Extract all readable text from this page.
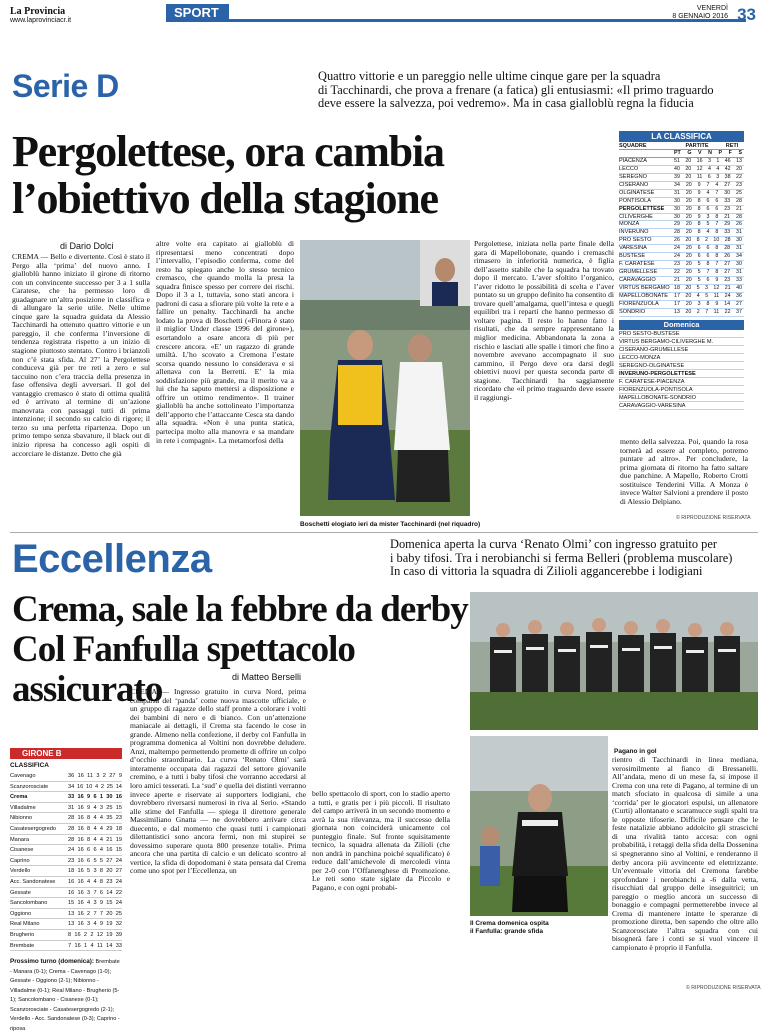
La Provincia
www.laprovinciacr.it
SPORT	VENERDÌ
8 GENNAIO 2016 33
Serie D	Quattro vittorie e un pareggio nelle ultime cinque gare per la squadra
di Tacchinardi, che prova a frenare (a fatica) gli entusiasmi: «Il primo traguardo
deve essere la salvezza, poi vedremo». Ma in casa gialloblù regna la fiducia
Pergolettese, ora cambia
l’obiettivo della stagione
di Dario Dolci
CREMA — Bello e divertente. Così è stato il Pergo alla ‘prima’ del nuovo anno. I gialloblù hanno iniziato il girone di ritorno con un convincente successo per 3 a 1 sulla Caratese, che ha permesso loro di guadagnare un’altra posizione in classifica e di allungare la serie utile. Nelle ultime cinque gare la squadra guidata da Alessio Tacchinardi ha ottenuto quattro vittorie e un pareggio, il che conferma l’inversione di tendenza registrata rispetto a un inizio di stagione piuttosto stentato. Contro i brianzoli non c’è stata sfida. Al 27’ la Pergolettese conduceva già per tre reti a zero e sul taccuino non c’era traccia della presenza in fase offensiva degli avversari. Il gol del vantaggio cremasco è stato di ottima qualità ed è arrivato al termine di un’azione manovrata con passaggi tutti di prima intenzione; il secondo su calcio di rigore; il terzo su una perfetta ripartenza. Dopo un primo tempo senza sbavature, il black out di inizio ripresa ha concesso agli ospiti di accorciare le distanze. Detto che già
altre volte era capitato ai gialloblù di ripresentarsi meno concentrati dopo l’intervallo, l’episodio conferma, come del resto ha spiegato anche lo stesso tecnico cremasco, che quando molla la presa la squadra finisce spesso per correre dei rischi. Dopo il 3 a 1, tuttavia, sono stati ancora i padroni di casa a sfiorare più volte la rete e a fallire un penalty. Tacchinardi ha anche lodato la prova di Boschetti («Finora è stato il miglior Under classe 1996 del girone»), esortandolo a osare ancora di più per crescere ancora. «E’ un ragazzo di grande umiltà. L’ho scovato a Cremona l’estate scorsa quando nessuno lo considerava e si allenava con la Berretti. E’ la mia soddisfazione più grande, ma il merito va a lui che ha saputo mettersi a disposizione e offrire un ottimo rendimento». Il trainer gialloblù ha anche sottolineato l’importanza dell’apporto che l’attaccante Cesca sta dando alla squadra. «Non è una punta statica, partecipa molto alla manovra e sa mandare in rete i compagni». La metamorfosi della
Boschetti elogiato ieri da mister Tacchinardi (nel riquadro)
Pergolettese, iniziata nella parte finale della gara di Mapellobonate, quando i cremaschi rimasero in inferiorità numerica, è figlia dell’assetto stabile che la squadra ha trovato dopo il mercato. L’aver sfoltito l’organico, l’aver ridotto le possibilità di scelta e l’aver puntato su un gruppo definito ha consentito di trovare quell’amalgama, quell’intesa e quegli equilibri tra i reparti che hanno permesso di voltare pagina. Il resto lo hanno fatto i risultati, che da sempre rappresentano la miglior medicina. Abbandonata la zona a rischio e lasciati alle spalle i timori che fino a novembre avevano accompagnato il suo cammino, il Pergo deve ora darsi degli obiettivi nuovi per questa seconda parte di stagione. Tacchinardi ha saggiamente ricordato che «il primo traguardo deve essere il raggiungi-
mento della salvezza. Poi, quando la rosa tornerà ad essere al completo, potremo puntare ad altro». Per concludere, la prima giornata di ritorno ha fatto saltare due panchine. A Mapello, Roberto Crotti sostituisce Tenderini Villa. A Monza è invece Walter Salvioni a prendere il posto di Alessio Delpiano.
© RIPRODUZIONE RISERVATA
LA CLASSIFICA
SQUADRE	PARTITE	RETI
PT G V N P F S
PIACENZA	51 20 16 3 1 46 13
LECCO	40 20 12 4 4 42 20
SEREGNO	39 20 11 6 3 38 22
CISERANO	34 20 9 7 4 27 23
OLGINATESE	31 20 9 4 7 30 25
PONTISOLA	30 20 8 6 6 33 28
PERGOLETTESE	30 20 8 6 6 23 21
CILIVERGHE	30 20 9 3 8 21 28
MONZA	29 20 8 5 7 29 26
INVERUNO	28 20 8 4 8 33 31
PRO SESTO	26 20 8 2 10 28 30
VARESINA	24 20 6 6 8 28 31
BUSTESE	24 20 6 6 8 26 34
F. CARATESE	23 20 5 8 7 27 30
GRUMELLESE	22 20 5 7 8 27 31
CARAVAGGIO	21 20 5 6 9 23 33
VIRTUS BERGAMO 18 20 5 3 12 21 40
MAPELLOBONATE	17 20 4 5 11 24 36
FIORENZUOLA	17 20 3 8 9 14 27
SONDRIO	13 20 2 7 11 22 37
Domenica
PRO SESTO-BUSTESE
VIRTUS BERGAMO-CILIVERGHE M.
CISERANO-GRUMELLESE
LECCO-MONZA
SEREGNO-OLGINATESE
INVERUNO-PERGOLETTESE
F. CARATESE-PIACENZA
FIORENZUOLA-PONTISOLA
MAPELLOBONATE-SONDRIO
CARAVAGGIO-VARESINA
Eccellenza	Domenica aperta la curva ‘Renato Olmi’ con ingresso gratuito per
i baby tifosi. Tra i nerobianchi si ferma Belleri (problema muscolare)
In caso di vittoria la squadra di Zilioli aggancerebbe i lodigiani
Crema, sale la febbre da derby
Col Fanfulla spettacolo assicurato	di Matteo Berselli
GIRONE B
CLASSIFICA
Cavenago	36 16 11 3 2 27 9
Scanzorosciate	34 16 10 4 2 25 14
Crema	33 16 9 6 1 30 16
Villadalme	31 16 9 4 3 25 15
Nibionno	28 16 8 4 4 35 23
Casatesergogredo	28 16 8 4 4 29 18
Manara	28 16 8 4 4 21 19
Cisanese	24 16 6 6 4 16 15
Caprino	23 16 6 5 5 27 24
Verdello	18 16 5 3 8 20 27
Acc. Sandonatese	16 16 4 4 8 23 24
Gessate	16 16 3 7 6 14 22
Sancolombano	15 16 4 3 9 15 24
Oggiono	13 16 2 7 7 20 25
Real Milano	13 16 3 4 9 19 32
Brugherio	8 16 2 2 12 19 39
Brembate	7 16 1 4 11 14 33
Prossimo turno (domenica): Brembate - Manara (0-1); Crema - Cavenago (1-0); Gessate - Oggiono (2-1); Nibionno - Villadalme (0-1); Real Milano - Brugherio (5-1); Sancolombano - Cisanese (0-1); Scanzorosciate - Casatesergogredo (2-1); Verdello - Acc. Sandonatese (0-3); Caprino - riposa
CREMA — Ingresso gratuito in curva Nord, prima comparsa del ‘panda’ come nuova mascotte ufficiale, e un gruppo di ragazze dello staff pronte a colorare i volti dei bambini di nero e di bianco. Con un’attenzione maniacale ai dettagli, il Crema sta facendo le cose in grande. Almeno nella confezione, il derby col Fanfulla in programma domenica al Voltini non dovrebbe deludere. Anzi, maltempo permettendo promette di offrire un colpo d’occhio straordinario. La curva ‘Renato Olmi’ sarà interamente occupata dai ragazzi del settore giovanile cremino, e a tutti i baby tifosi che vorranno accedarsi al loro amici tesserati. La ‘sud’ e quella dei distinti verranno invece aperte e riservate ai supporters lodigiani, che dovrebbero riversarsi numerosi in riva al Serio. «Stando alle stime del Fanfulla — spiega il direttore generale Massimiliano Gnatta — ne dovrebbero arrivare circa duecento, e dal momento che quasi tutti i campionati dilettantistici sono ancora fermi, non mi stupirei se dovessimo superare quota 800 presenze totali». Prima ancora che una partita di calcio e un delicato scontro al vertice, la sfida di dopodomani è stata pensata dal Crema come uno spot per l’Eccellenza, un
bello spettacolo di sport, con lo stadio aperto a tutti, e gratis per i più piccoli. Il risultato del campo arriverà in un secondo momento e avrà la sua rilevanza, ma il successo della giornata non coinciderà unicamente col punteggio finale. Sul fronte squisitamente tecnico, la squadra allenata da Zilioli (che non andrà in panchina poiché squalificato) è reduce dall’amichevole di mercoledì vinta per 2-0 con l’Offanenghese di Promozione. Le reti sono state siglate da Piccolo e Pagano, e con ogni probabi-
Pagano in gol
Il Crema domenica ospita
il Fanfulla: grande sfida
rientro di Tacchinardi in linea mediana, verosimilmente al fianco di Bressanelli. All’andata, meno di un mese fa, si impose il Crema con una rete di Pagano, al termine di un match sfociato in qualcosa di simile a una ‘corrida’ per le giocatori espulsi, un allenatore (Curti) allontanato e scaramucce sugli spalti tra le opposte tifoserie. Difficile pensare che le feste natalizie abbiano addolcito gli strascichi di una rivalità tanto accesa: con ogni probabilità, i retaggi della sfida della Dossenina si spegneranno sino al Voltini, e renderanno il derby ancora più avvincente ed elettrizzante. Un’eventuale vittoria del Cremona farebbe sprofondare i nerobianchi a -6 dalla vetta, risucchiati dal gruppo delle inseguitrici; un pareggio o meglio ancora un successo di bonaggio e compagni permetterebbe invece al Crema di mantenere intatte le speranze di promozione diretta, ben sapendo che oltre allo Scanzorosciate l’altra squadra con cui bisognerà fare i conti se si vuol vincere il campionato è proprio il Fanfulla.
© RIPRODUZIONE RISERVATA
